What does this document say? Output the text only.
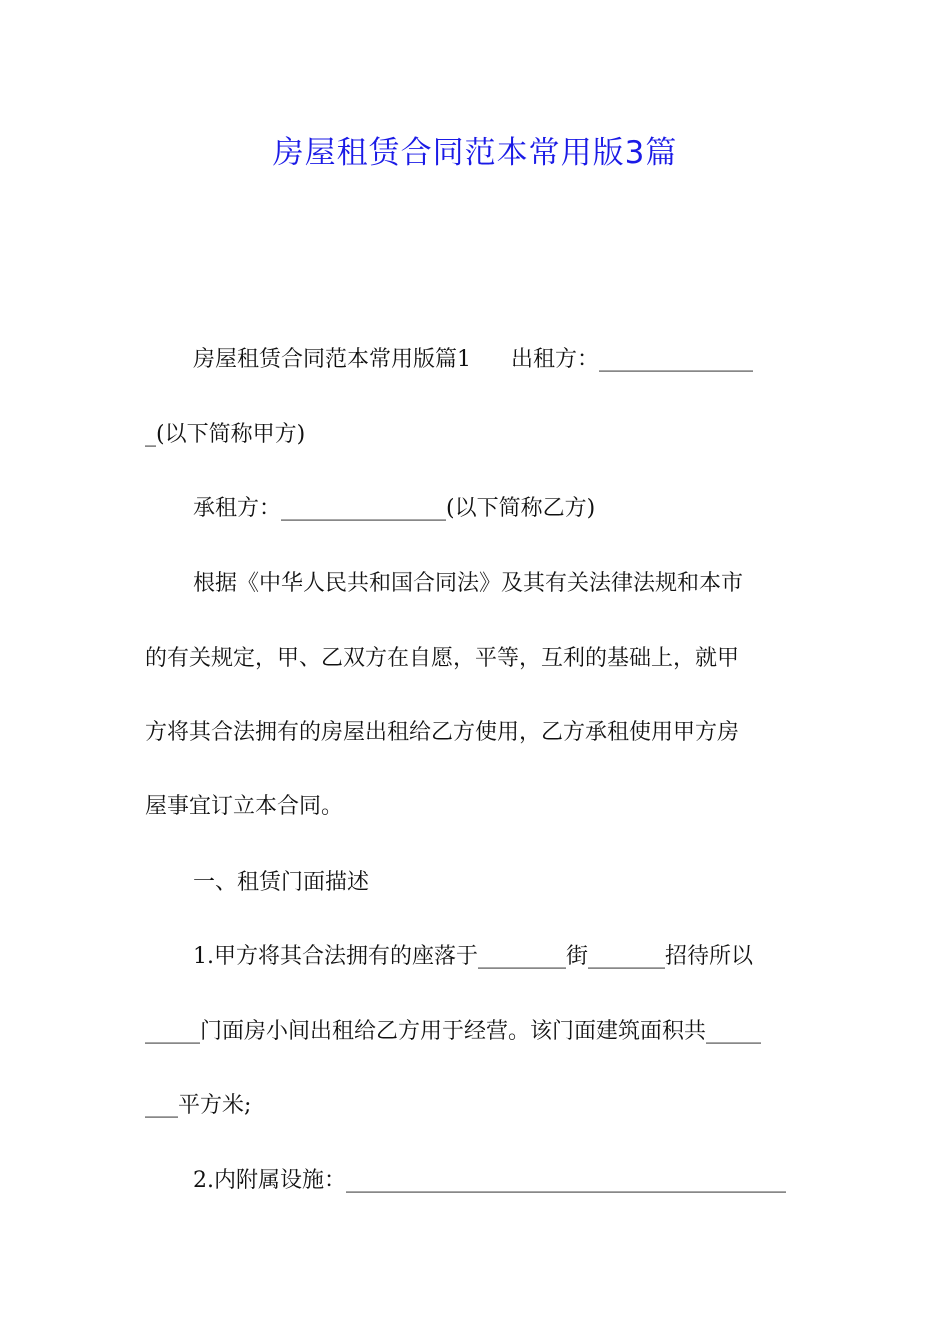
房屋租赁合同范本常用版3篇

房屋租赁合同范本常用版篇1 出租方：______________

_(以下简称甲方)

承租方：_______________(以下简称乙方)

根据《中华人民共和国合同法》及其有关法律法规和本市

的有关规定，甲、乙双方在自愿，平等，互利的基础上，就甲

方将其合法拥有的房屋出租给乙方使用，乙方承租使用甲方房

屋事宜订立本合同。

一、租赁门面描述

1.甲方将其合法拥有的座落于________街_______招待所以

_____门面房小间出租给乙方用于经营。该门面建筑面积共_____

___平方米;

2.内附属设施：________________________________________
